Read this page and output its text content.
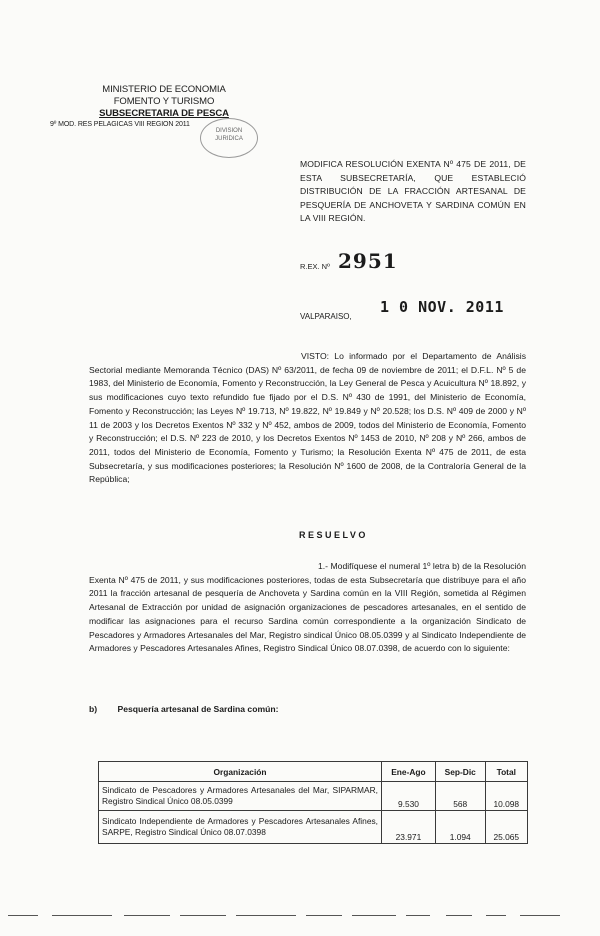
MINISTERIO DE ECONOMIA
FOMENTO Y TURISMO
SUBSECRETARIA DE PESCA
9º MOD. RES PELAGICAS VIII REGION 2011
DIVISION
JURIDICA
MODIFICA RESOLUCIÓN EXENTA Nº 475 DE 2011, DE ESTA SUBSECRETARÍA, QUE ESTABLECIÓ DISTRIBUCIÓN DE LA FRACCIÓN ARTESANAL DE PESQUERÍA DE ANCHOVETA Y SARDINA COMÚN EN LA VIII REGIÓN.
R.EX. Nº 2951
VALPARAISO,
1 0 NOV. 2011
VISTO: Lo informado por el Departamento de Análisis Sectorial mediante Memoranda Técnico (DAS) Nº 63/2011, de fecha 09 de noviembre de 2011; el D.F.L. Nº 5 de 1983, del Ministerio de Economía, Fomento y Reconstrucción, la Ley General de Pesca y Acuicultura Nº 18.892, y sus modificaciones cuyo texto refundido fue fijado por el D.S. Nº 430 de 1991, del Ministerio de Economía, Fomento y Reconstrucción; las Leyes Nº 19.713, Nº 19.822, Nº 19.849 y Nº 20.528; los D.S. Nº 409 de 2000 y Nº 11 de 2003 y los Decretos Exentos Nº 332 y Nº 452, ambos de 2009, todos del Ministerio de Economía, Fomento y Reconstrucción; el D.S. Nº 223 de 2010, y los Decretos Exentos Nº 1453 de 2010, Nº 208 y Nº 266, ambos de 2011, todos del Ministerio de Economía, Fomento y Turismo; la Resolución Exenta Nº 475 de 2011, de esta Subsecretaría, y sus modificaciones posteriores; la Resolución Nº 1600 de 2008, de la Contraloría General de la República;
RESUELVO
1.- Modifíquese el numeral 1º letra b) de la Resolución Exenta Nº 475 de 2011, y sus modificaciones posteriores, todas de esta Subsecretaría que distribuye para el año 2011 la fracción artesanal de pesquería de Anchoveta y Sardina común en la VIII Región, sometida al Régimen Artesanal de Extracción por unidad de asignación organizaciones de pescadores artesanales, en el sentido de modificar las asignaciones para el recurso Sardina común correspondiente a la organización Sindicato de Pescadores y Armadores Artesanales del Mar, Registro sindical Único 08.05.0399 y al Sindicato Independiente de Armadores y Pescadores Artesanales Afines, Registro Sindical Único 08.07.0398, de acuerdo con lo siguiente:
b) Pesquería artesanal de Sardina común:
Organización	Ene-Ago	Sep-Dic	Total
Sindicato de Pescadores y Armadores Artesanales del Mar, SIPARMAR, Registro Sindical Único 08.05.0399	9.530	568	10.098
Sindicato Independiente de Armadores y Pescadores Artesanales Afines, SARPE, Registro Sindical Único 08.07.0398	23.971	1.094	25.065
